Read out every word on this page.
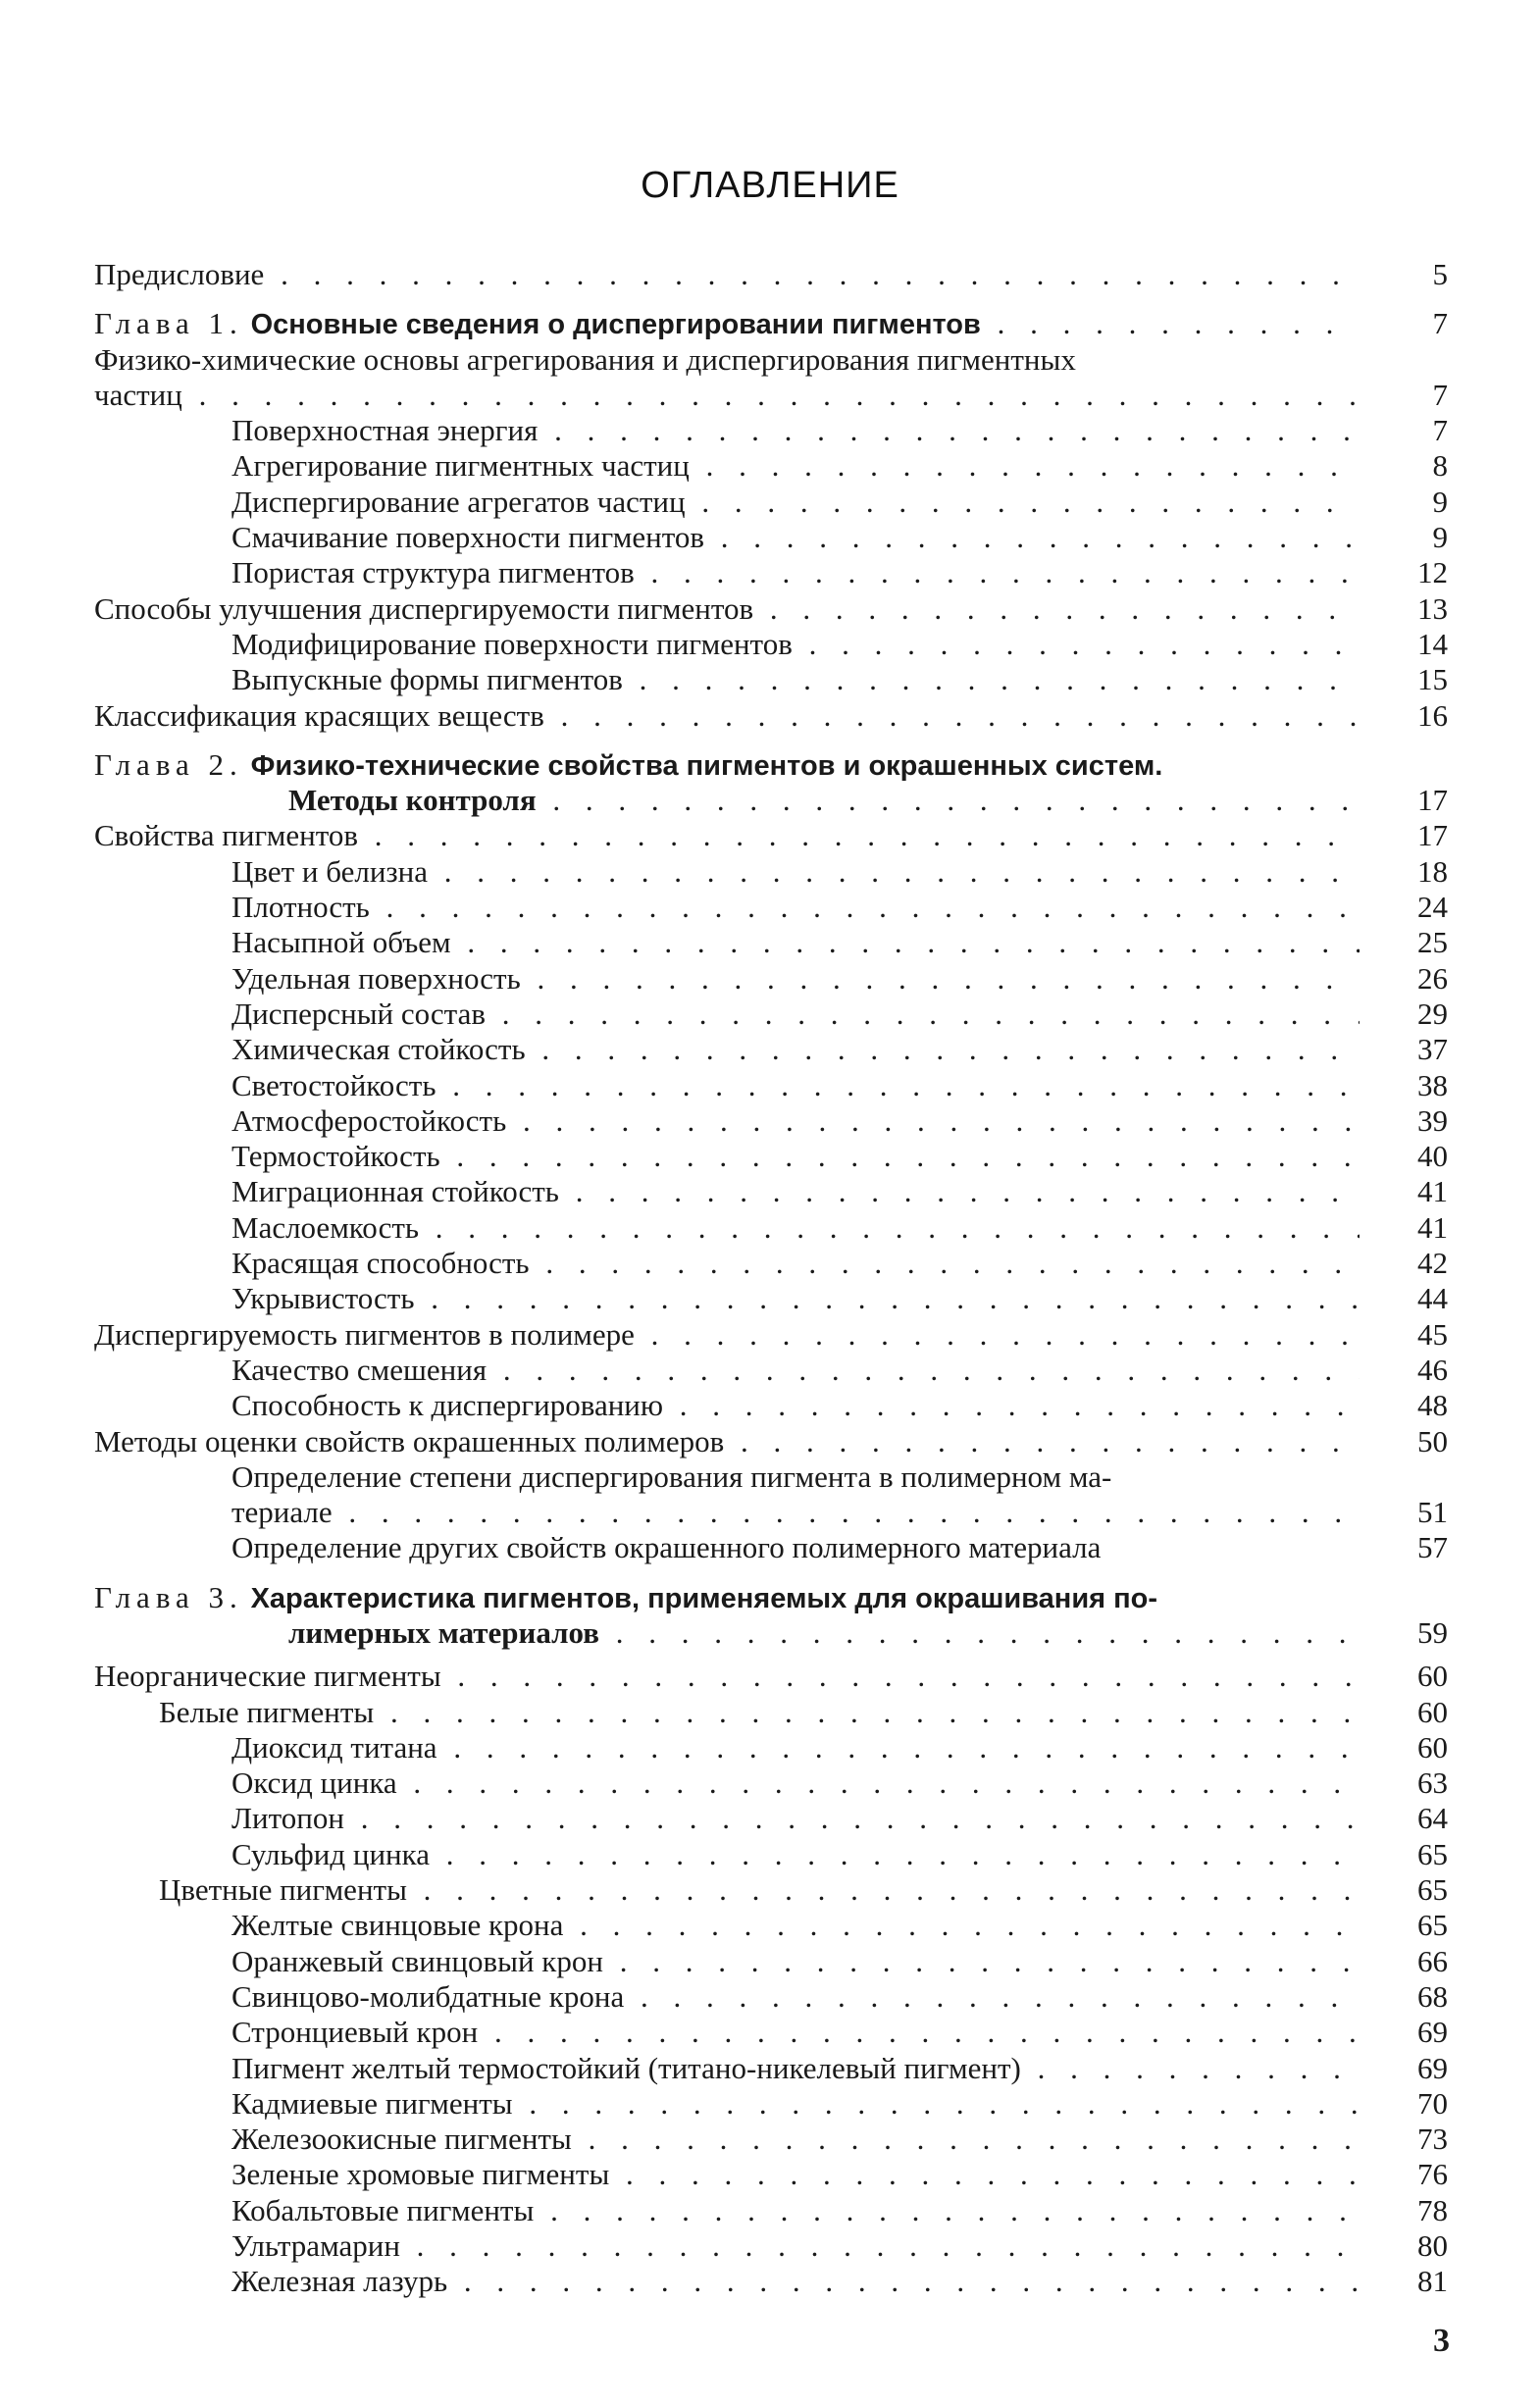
ОГЛАВЛЕНИЕ
Предисловие . . .	5
Глава 1. Основные сведения о диспергировании пигментов . . .	7
Физико-химические основы агрегирования и диспергирования пигментных
частиц . . .	7
Поверхностная энергия . . .	7
Агрегирование пигментных частиц . . .	8
Диспергирование агрегатов частиц . . .	9
Смачивание поверхности пигментов . . .	9
Пористая структура пигментов . . .	12
Способы улучшения диспергируемости пигментов . . .	13
Модифицирование поверхности пигментов . . .	14
Выпускные формы пигментов . . .	15
Классификация красящих веществ . . .	16
Глава 2. Физико-технические свойства пигментов и окрашенных систем.
Методы контроля . . .	17
Свойства пигментов . . .	17
Цвет и белизна . . .	18
Плотность . . .	24
Насыпной объем . . .	25
Удельная поверхность . . .	26
Дисперсный состав . . .	29
Химическая стойкость . . .	37
Светостойкость . . .	38
Атмосферостойкость . . .	39
Термостойкость . . .	40
Миграционная стойкость . . .	41
Маслоемкость . . .	41
Красящая способность . . .	42
Укрывистость . . .	44
Диспергируемость пигментов в полимере . . .	45
Качество смешения . . .	46
Способность к диспергированию . . .	48
Методы оценки свойств окрашенных полимеров . . .	50
Определение степени диспергирования пигмента в полимерном ма-
териале . . .	51
Определение других свойств окрашенного полимерного материала	57
Глава 3. Характеристика пигментов, применяемых для окрашивания по-
лимерных материалов . . .	59
Неорганические пигменты . . .	60
Белые пигменты . . .	60
Диоксид титана . . .	60
Оксид цинка . . .	63
Литопон . . .	64
Сульфид цинка . . .	65
Цветные пигменты . . .	65
Желтые свинцовые крона . . .	65
Оранжевый свинцовый крон . . .	66
Свинцово-молибдатные крона . . .	68
Стронциевый крон . . .	69
Пигмент желтый термостойкий (титано-никелевый пигмент) . . .	69
Кадмиевые пигменты . . .	70
Железоокисные пигменты . . .	73
Зеленые хромовые пигменты . . .	76
Кобальтовые пигменты . . .	78
Ультрамарин . . .	80
Железная лазурь . . .	81
3
